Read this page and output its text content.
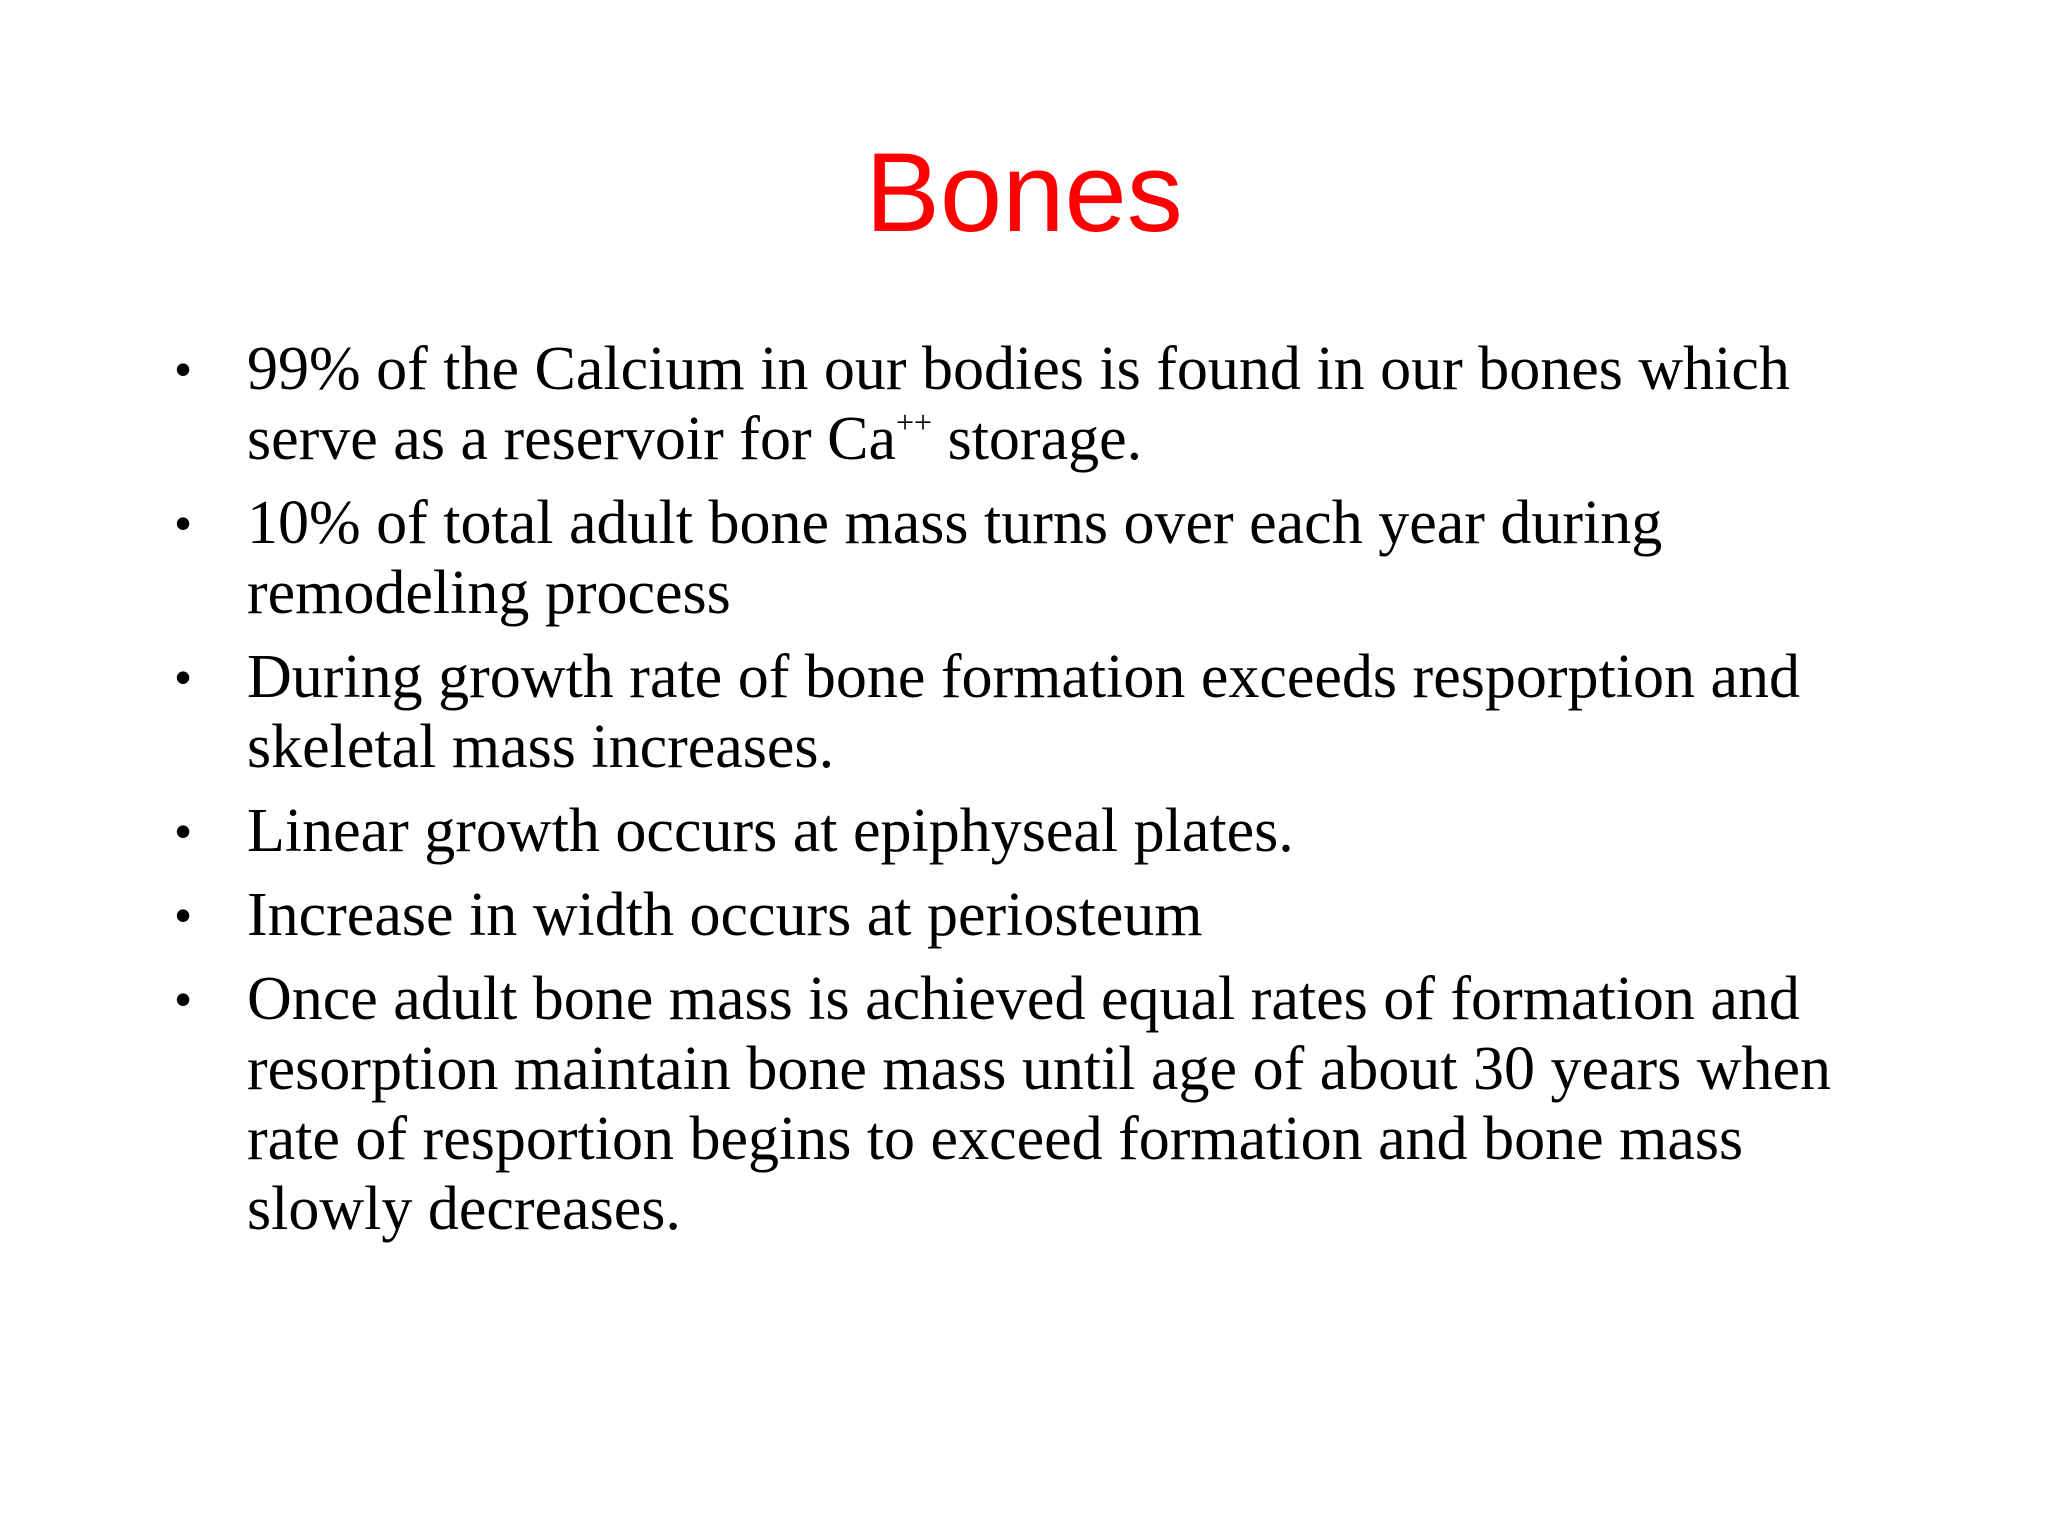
Bones
• 99% of the Calcium in our bodies is found in our bones which serve as a reservoir for Ca++ storage.
• 10% of total adult bone mass turns over each year during remodeling process
• During growth rate of bone formation exceeds resporption and skeletal mass increases.
• Linear growth occurs at epiphyseal plates.
• Increase in width occurs at periosteum
• Once adult bone mass is achieved equal rates of formation and resorption maintain bone mass until age of about 30 years when rate of resportion begins to exceed formation and bone mass slowly decreases.
